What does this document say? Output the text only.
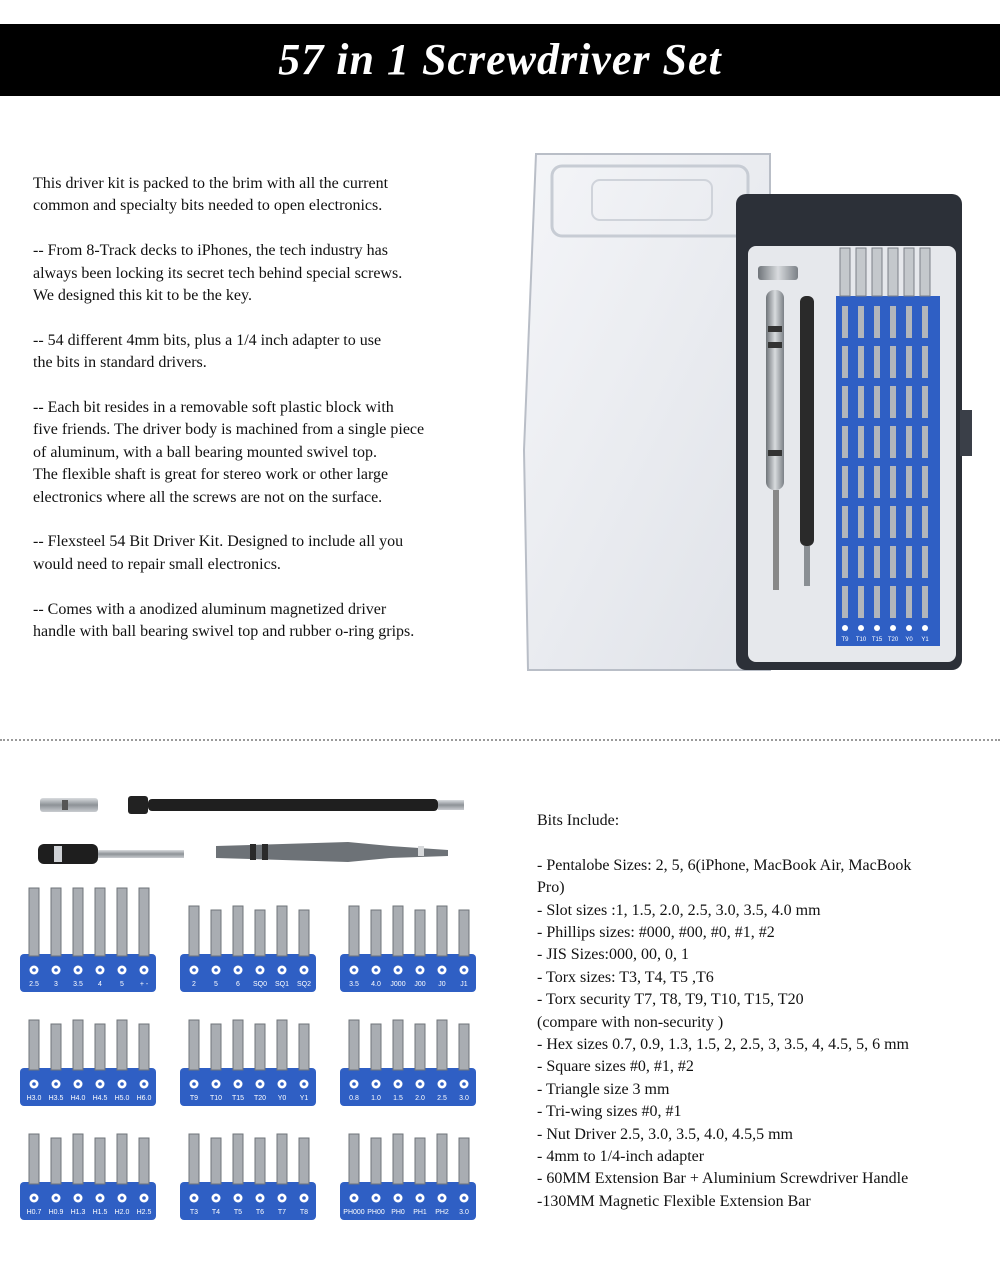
57 in 1 Screwdriver Set

This driver kit is packed to the brim with all the current
common and specialty bits needed to open electronics.

-- From 8-Track decks to iPhones, the tech industry has
always been locking its secret tech behind special screws.
We designed this kit to be the key.

-- 54 different 4mm bits, plus a 1/4 inch adapter to use
the bits in standard drivers.

-- Each bit resides in a removable soft plastic block with
five friends. The driver body is machined from a single piece
of aluminum, with a ball bearing mounted swivel top.
The flexible shaft is great for stereo work or other large
electronics where all the screws are not on the surface.

-- Flexsteel 54 Bit Driver Kit. Designed to include all you
would need to repair small electronics.

-- Comes with a anodized aluminum magnetized driver
handle with ball bearing swivel top and rubber o-ring grips.	T9 T10 T15 T20 Y0 Y1
2.5 3 3.5 4	5 + -	2	5	6 SQ0 SQ1 SQ2	3.5 4.0 J000 J00 J0 J1
H3.0 H3.5 H4.0 H4.5 H5.0 H6.0	T9 T10 T15 T20 Y0 Y1	0.8 1.0 1.5 2.0 2.5 3.0
H0.7 H0.9 H1.3 H1.5 H2.0 H2.5	T3 T4 T5 T6 T7 T8	PH000 PH00 PH0 PH1 PH2 3.0
Bits Include:
- Pentalobe Sizes: 2, 5, 6(iPhone, MacBook Air, MacBook Pro)
- Slot sizes :1, 1.5, 2.0, 2.5, 3.0, 3.5, 4.0 mm
- Phillips sizes: #000, #00, #0, #1, #2
- JIS Sizes:000, 00, 0, 1
- Torx sizes: T3, T4, T5 ,T6
- Torx security T7, T8, T9, T10, T15, T20
(compare with non-security )
- Hex sizes 0.7, 0.9, 1.3, 1.5, 2, 2.5, 3, 3.5, 4, 4.5, 5, 6 mm
- Square sizes #0, #1, #2
- Triangle size 3 mm
- Tri-wing sizes #0, #1
- Nut Driver 2.5, 3.0, 3.5, 4.0, 4.5,5 mm
- 4mm to 1/4-inch adapter
- 60MM Extension Bar + Aluminium Screwdriver Handle
-130MM Magnetic Flexible Extension Bar
